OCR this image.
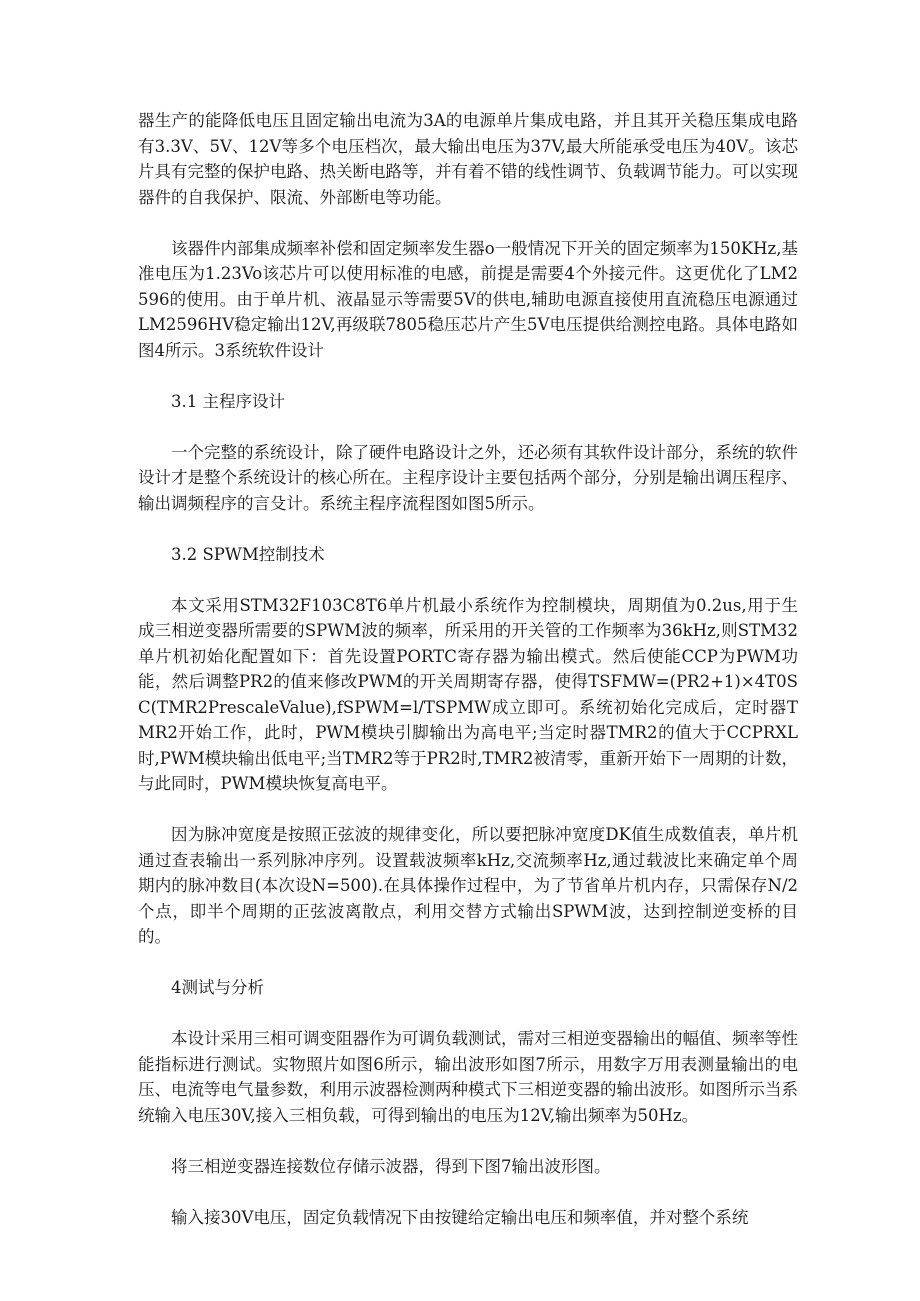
器生产的能降低电压且固定输出电流为3A的电源单片集成电路，并且其开关稳压集成电路有3.3V、5V、12V等多个电压档次，最大输出电压为37V,最大所能承受电压为40V。该芯片具有完整的保护电路、热关断电路等，并有着不错的线性调节、负载调节能力。可以实现器件的自我保护、限流、外部断电等功能。

该器件内部集成频率补偿和固定频率发生器o一般情况下开关的固定频率为150KHz,基准电压为1.23Vo该芯片可以使用标准的电感，前提是需要4个外接元件。这更优化了LM2596的使用。由于单片机、液晶显示等需要5V的供电,辅助电源直接使用直流稳压电源通过LM2596HV稳定输出12V,再级联7805稳压芯片产生5V电压提供给测控电路。具体电路如图4所示。3系统软件设计

3.1 主程序设计

一个完整的系统设计，除了硬件电路设计之外，还必须有其软件设计部分，系统的软件设计才是整个系统设计的核心所在。主程序设计主要包括两个部分，分别是输出调压程序、输出调频程序的言殳计。系统主程序流程图如图5所示。

3.2 SPWM控制技术

本文采用STM32F103C8T6单片机最小系统作为控制模块，周期值为0.2us,用于生成三相逆变器所需要的SPWM波的频率，所采用的开关管的工作频率为36kHz,则STM32单片机初始化配置如下：首先设置PORTC寄存器为输出模式。然后使能CCP为PWM功能，然后调整PR2的值来修改PWM的开关周期寄存器，使得TSFMW=(PR2+1)×4T0SC(TMR2PrescaleValue),fSPWM=l/TSPMW成立即可。系统初始化完成后，定时器TMR2开始工作，此时，PWM模块引脚输出为高电平;当定时器TMR2的值大于CCPRXL时,PWM模块输出低电平;当TMR2等于PR2时,TMR2被清零，重新开始下一周期的计数，与此同时，PWM模块恢复高电平。

因为脉冲宽度是按照正弦波的规律变化，所以要把脉冲宽度DK值生成数值表，单片机通过查表输出一系列脉冲序列。设置载波频率kHz,交流频率Hz,通过载波比来确定单个周期内的脉冲数目(本次设N=500).在具体操作过程中，为了节省单片机内存，只需保存N/2个点，即半个周期的正弦波离散点，利用交替方式输出SPWM波，达到控制逆变桥的目的。

4测试与分析

本设计采用三相可调变阻器作为可调负载测试，需对三相逆变器输出的幅值、频率等性能指标进行测试。实物照片如图6所示，输出波形如图7所示，用数字万用表测量输出的电压、电流等电气量参数，利用示波器检测两种模式下三相逆变器的输出波形。如图所示当系统输入电压30V,接入三相负载，可得到输出的电压为12V,输出频率为50Hz。

将三相逆变器连接数位存储示波器，得到下图7输出波形图。

输入接30V电压，固定负载情况下由按键给定输出电压和频率值，并对整个系统
